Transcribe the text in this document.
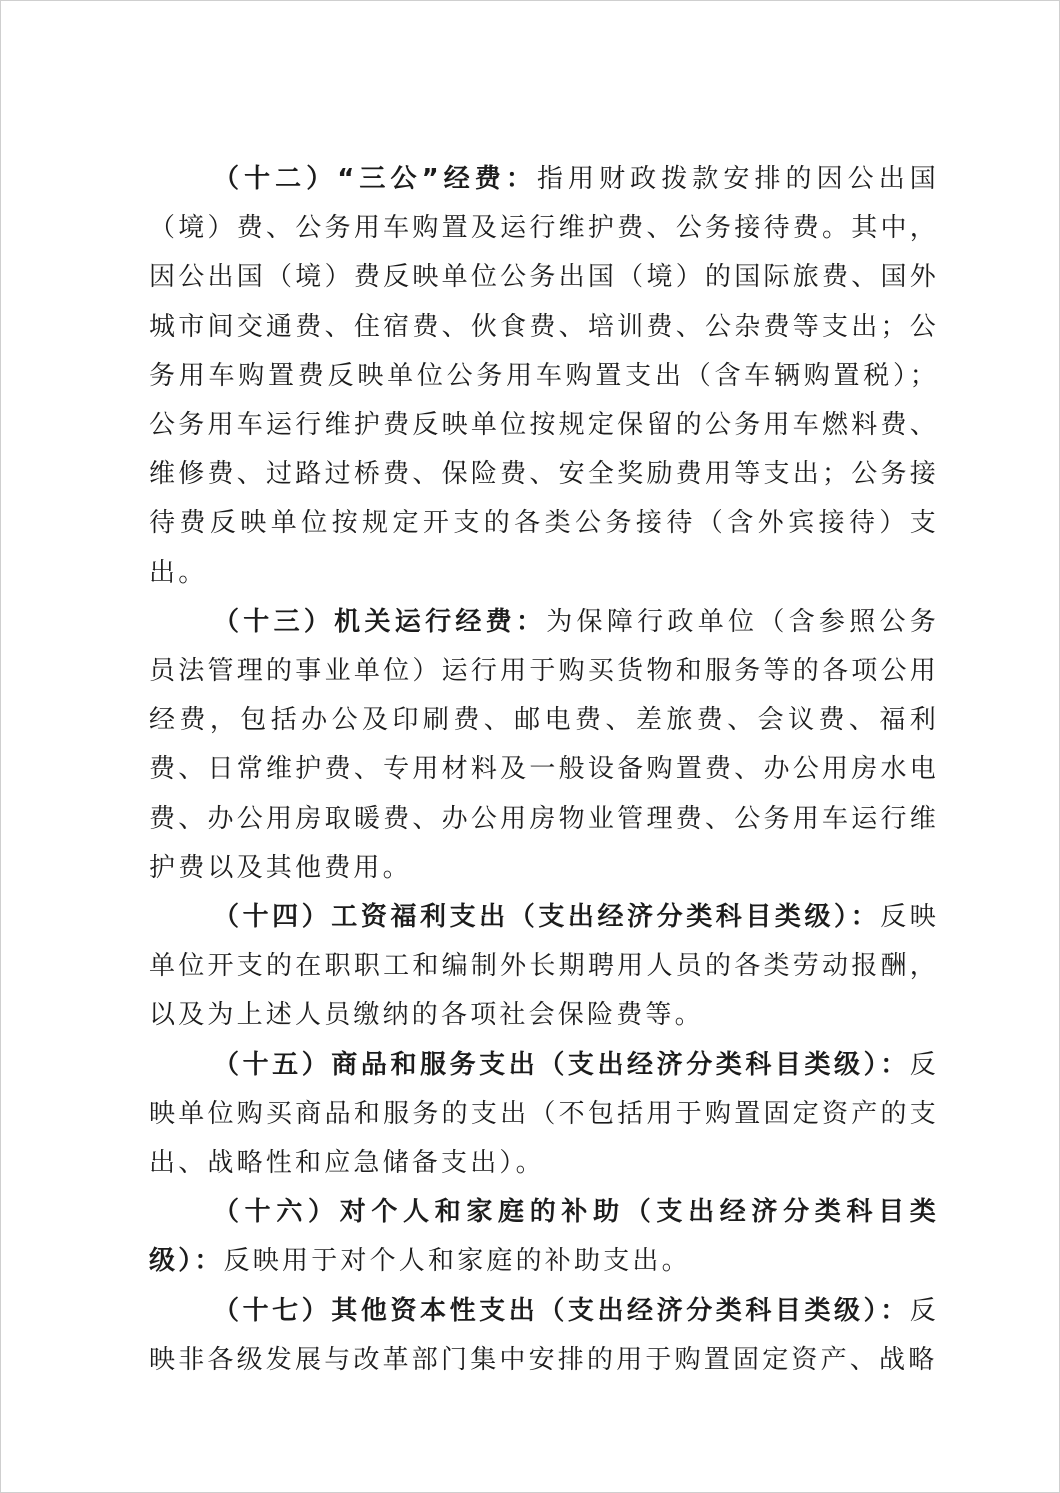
（十二）“三公”经费：指用财政拨款安排的因公出国（境）费、公务用车购置及运行维护费、公务接待费。其中，因公出国（境）费反映单位公务出国（境）的国际旅费、国外城市间交通费、住宿费、伙食费、培训费、公杂费等支出；公务用车购置费反映单位公务用车购置支出（含车辆购置税）；公务用车运行维护费反映单位按规定保留的公务用车燃料费、维修费、过路过桥费、保险费、安全奖励费用等支出；公务接待费反映单位按规定开支的各类公务接待（含外宾接待）支出。

（十三）机关运行经费：为保障行政单位（含参照公务员法管理的事业单位）运行用于购买货物和服务等的各项公用经费，包括办公及印刷费、邮电费、差旅费、会议费、福利费、日常维护费、专用材料及一般设备购置费、办公用房水电费、办公用房取暖费、办公用房物业管理费、公务用车运行维护费以及其他费用。

（十四）工资福利支出（支出经济分类科目类级）：反映单位开支的在职职工和编制外长期聘用人员的各类劳动报酬，以及为上述人员缴纳的各项社会保险费等。

（十五）商品和服务支出（支出经济分类科目类级）：反映单位购买商品和服务的支出（不包括用于购置固定资产的支出、战略性和应急储备支出）。

（十六）对个人和家庭的补助（支出经济分类科目类级）：反映用于对个人和家庭的补助支出。

（十七）其他资本性支出（支出经济分类科目类级）：反映非各级发展与改革部门集中安排的用于购置固定资产、战略
